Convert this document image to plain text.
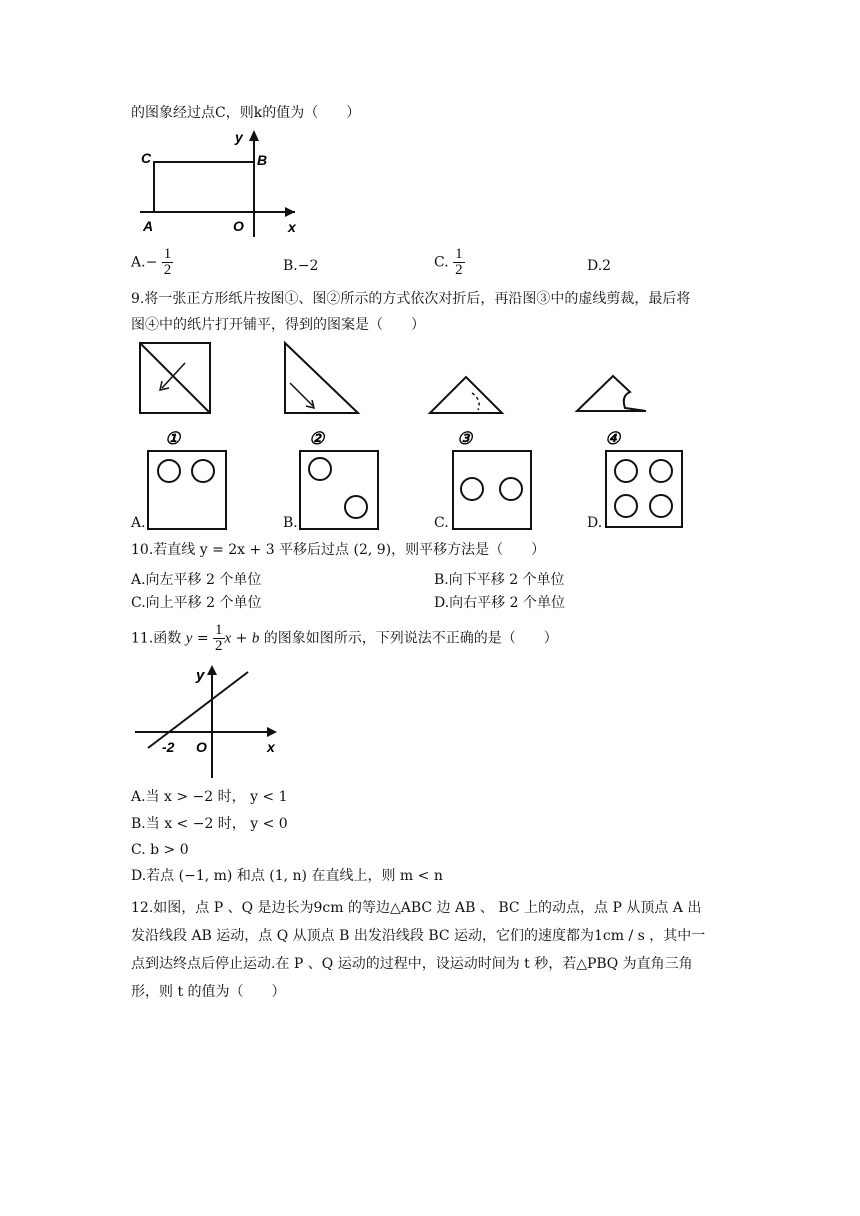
的图象经过点C，则k的值为（　　）
C	B
A	O	x
y
$A.- \frac{1}{2}$	B.−2	C. $\frac{1}{2}$	D.2
9.将一张正方形纸片按图①、图②所示的方式依次对折后，再沿图③中的虚线剪裁，最后将
图④中的纸片打开铺平，得到的图案是（　　）
①	②	③	④
A.	B.	C.	D.
10.若直线 y = 2x + 3 平移后过点 (2, 9)，则平移方法是（　　）
A.向左平移 2 个单位	B.向下平移 2 个单位
C.向上平移 2 个单位	D.向右平移 2 个单位
11.函数 $y = \frac{1}{2}$ x + b 的图象如图所示，下列说法不正确的是（　　）
-2 O	x
y
A.当 x > −2 时， y < 1
B.当 x < −2 时， y < 0
C. b > 0
D.若点 (−1, m) 和点 (1, n) 在直线上，则 m < n
12.如图，点 P 、Q 是边长为9cm 的等边△ABC 边 AB 、 BC 上的动点，点 P 从顶点 A 出
发沿线段 AB 运动，点 Q 从顶点 B 出发沿线段 BC 运动，它们的速度都为1cm / s ，其中一
点到达终点后停止运动.在 P 、Q 运动的过程中，设运动时间为 t 秒，若△PBQ 为直角三角
形，则 t 的值为（　　）
